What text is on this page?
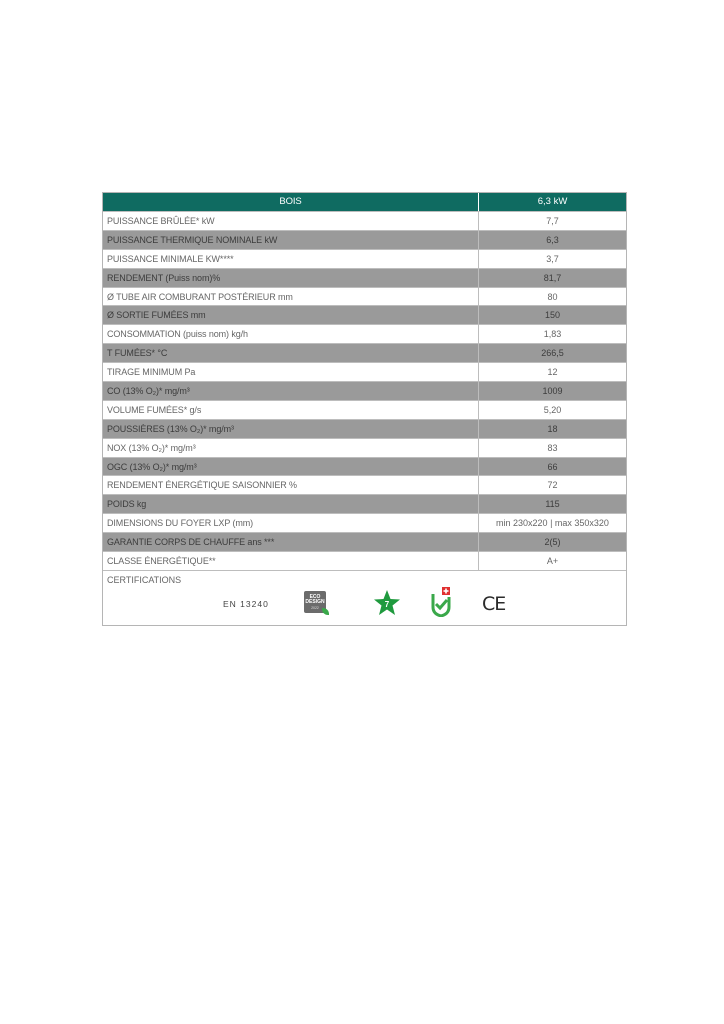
BOIS	6,3 kW
PUISSANCE BRÛLÉE* kW	7,7
PUISSANCE THERMIQUE NOMINALE kW	6,3
PUISSANCE MINIMALE KW****	3,7
RENDEMENT (Puiss nom)%	81,7
Ø TUBE AIR COMBURANT POSTÉRIEUR mm	80
Ø SORTIE FUMÉES mm	150
CONSOMMATION (puiss nom) kg/h	1,83
T FUMÉES* °C	266,5
TIRAGE MINIMUM Pa	12
CO (13% O₂)* mg/m³	1009
VOLUME FUMÉES* g/s	5,20
POUSSIÈRES (13% O₂)* mg/m³	18
NOX (13% O₂)* mg/m³	83
OGC (13% O₂)* mg/m³	66
RENDEMENT ÉNERGÉTIQUE SAISONNIER %	72
POIDS kg	115
DIMENSIONS DU FOYER LXP (mm)	min 230x220 | max 350x320
GARANTIE CORPS DE CHAUFFE ans ***	2(5)
CLASSE ÉNERGÉTIQUE**	A+
CERTIFICATIONS
EN 13240
ECO
DESIGN
2022	7	CE
